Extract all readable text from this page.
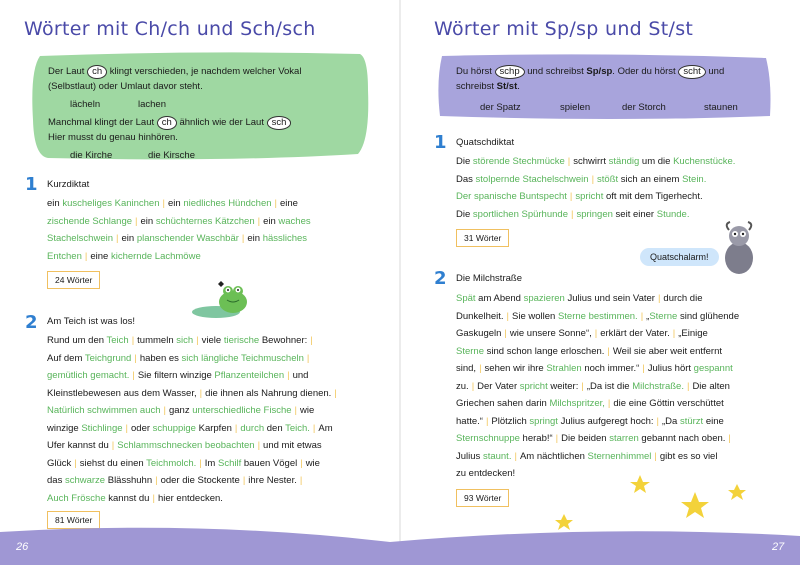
Wörter mit Ch/ch und Sch/sch
Der Laut ch klingt verschieden, je nachdem welcher Vokal
(Selbstlaut) oder Umlaut davor steht.
lächeln	lachen
Manchmal klingt der Laut ch ähnlich wie der Laut sch
Hier musst du genau hinhören.
die Kirche	die Kirsche
1 Kurzdiktat
ein kuscheliges Kaninchen | ein niedliches Hündchen | eine
zischende Schlange | ein schüchternes Kätzchen | ein waches
Stachelschwein | ein planschender Waschbär | ein hässliches
Entchen | eine kichernde Lachmöwe
24 Wörter
2 Am Teich ist was los!
Rund um den Teich | tummeln sich | viele tierische Bewohner: |
Auf dem Teichgrund | haben es sich längliche Teichmuscheln |
gemütlich gemacht. | Sie filtern winzige Pflanzenteilchen | und
Kleinstlebewesen aus dem Wasser, | die ihnen als Nahrung dienen. |
Natürlich schwimmen auch | ganz unterschiedliche Fische | wie
winzige Stichlinge | oder schuppige Karpfen | durch den Teich. | Am
Ufer kannst du | Schlammschnecken beobachten | und mit etwas
Glück | siehst du einen Teichmolch. | Im Schilf bauen Vögel | wie
das schwarze Blässhuhn | oder die Stockente | ihre Nester. |
Auch Frösche kannst du | hier entdecken.
81 Wörter
Wörter mit Sp/sp und St/st
Du hörst schp und schreibst Sp/sp. Oder du hörst scht und
schreibst St/st.
der Spatz	spielen	der Storch	staunen
1 Quatschdiktat
Die störende Stechmücke | schwirrt ständig um die Kuchenstücke.
Das stolpernde Stachelschwein | stößt sich an einem Stein.
Der spanische Buntspecht | spricht oft mit dem Tigerhecht.
Die sportlichen Spürhunde | springen seit einer Stunde.
31 Wörter
Quatschalarm!
2 Die Milchstraße
Spät am Abend spazieren Julius und sein Vater | durch die
Dunkelheit. | Sie wollen Sterne bestimmen. | „Sterne sind glühende
Gaskugeln | wie unsere Sonne“, | erklärt der Vater. | „Einige
Sterne sind schon lange erloschen. | Weil sie aber weit entfernt
sind, | sehen wir ihre Strahlen noch immer.“ | Julius hört gespannt
zu. | Der Vater spricht weiter: | „Da ist die Milchstraße. | Die alten
Griechen sahen darin Milchspritzer, | die eine Göttin verschüttet
hatte.“ | Plötzlich springt Julius aufgeregt hoch: | „Da stürzt eine
Sternschnuppe herab!“ | Die beiden starren gebannt nach oben. |
Julius staunt. | Am nächtlichen Sternenhimmel | gibt es so viel
zu entdecken!
93 Wörter
26	27
